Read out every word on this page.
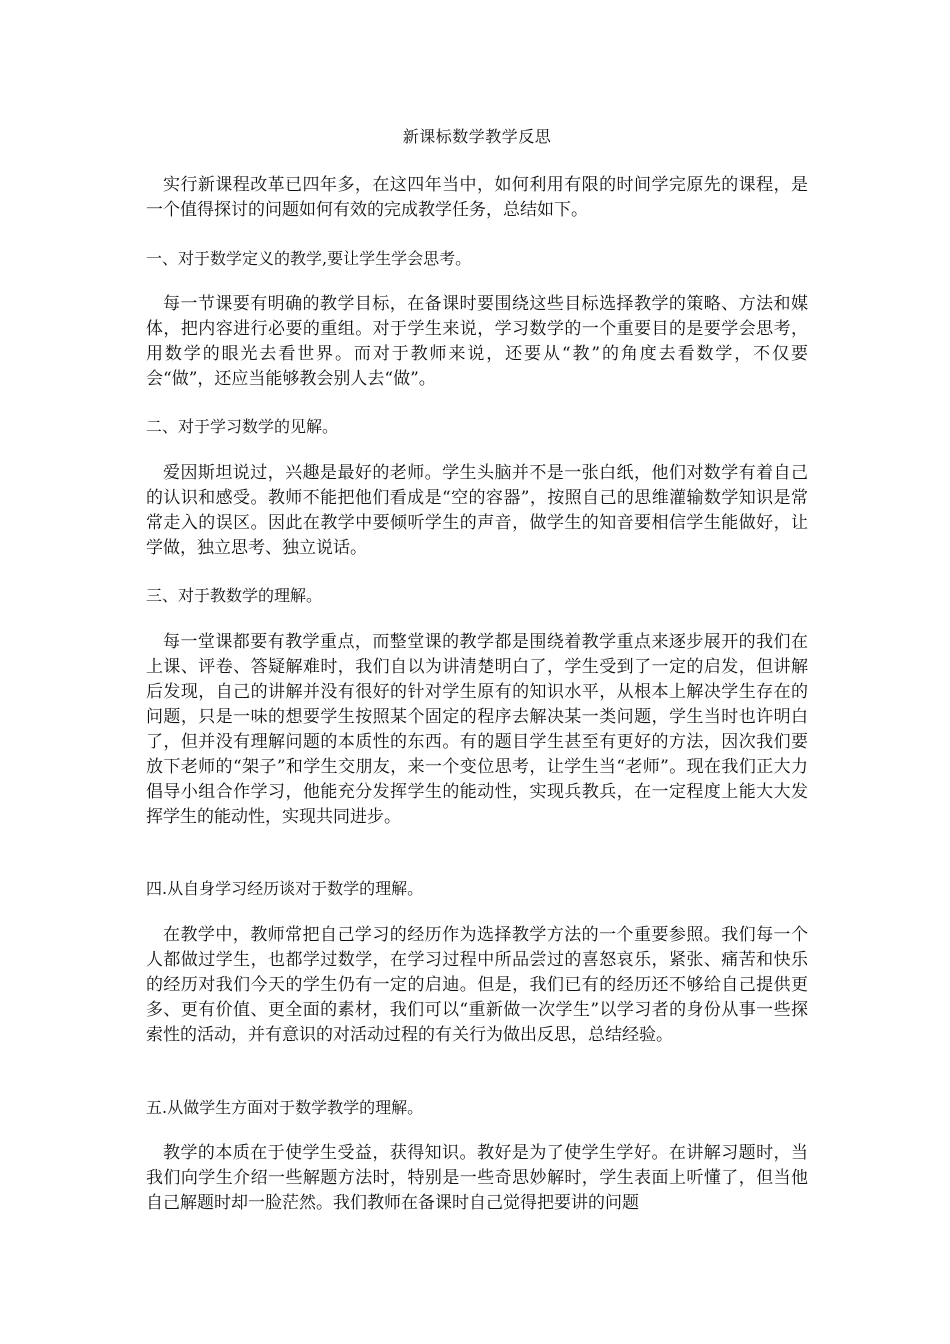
新课标数学教学反思
实行新课程改革已四年多，在这四年当中，如何利用有限的时间学完原先的课程，是一个值得探讨的问题如何有效的完成教学任务，总结如下。
一、对于数学定义的教学,要让学生学会思考。
每一节课要有明确的教学目标，在备课时要围绕这些目标选择教学的策略、方法和媒体，把内容进行必要的重组。对于学生来说，学习数学的一个重要目的是要学会思考，用数学的眼光去看世界。而对于教师来说，还要从“教”的角度去看数学，不仅要会“做”，还应当能够教会别人去“做”。
二、对于学习数学的见解。
爱因斯坦说过，兴趣是最好的老师。学生头脑并不是一张白纸，他们对数学有着自己的认识和感受。教师不能把他们看成是“空的容器”，按照自己的思维灌输数学知识是常常走入的误区。因此在教学中要倾听学生的声音，做学生的知音要相信学生能做好，让学做，独立思考、独立说话。
三、对于教数学的理解。
每一堂课都要有教学重点，而整堂课的教学都是围绕着教学重点来逐步展开的我们在上课、评卷、答疑解难时，我们自以为讲清楚明白了，学生受到了一定的启发，但讲解后发现，自己的讲解并没有很好的针对学生原有的知识水平，从根本上解决学生存在的问题，只是一味的想要学生按照某个固定的程序去解决某一类问题，学生当时也许明白了，但并没有理解问题的本质性的东西。有的题目学生甚至有更好的方法，因次我们要放下老师的“架子”和学生交朋友，来一个变位思考，让学生当“老师”。现在我们正大力倡导小组合作学习，他能充分发挥学生的能动性，实现兵教兵，在一定程度上能大大发挥学生的能动性，实现共同进步。
四.从自身学习经历谈对于数学的理解。
在教学中，教师常把自己学习的经历作为选择教学方法的一个重要参照。我们每一个人都做过学生，也都学过数学，在学习过程中所品尝过的喜怒哀乐，紧张、痛苦和快乐的经历对我们今天的学生仍有一定的启迪。但是，我们已有的经历还不够给自己提供更多、更有价值、更全面的素材，我们可以“重新做一次学生”以学习者的身份从事一些探索性的活动，并有意识的对活动过程的有关行为做出反思，总结经验。
五.从做学生方面对于数学教学的理解。
教学的本质在于使学生受益，获得知识。教好是为了使学生学好。在讲解习题时，当我们向学生介绍一些解题方法时，特别是一些奇思妙解时，学生表面上听懂了，但当他自己解题时却一脸茫然。我们教师在备课时自己觉得把要讲的问题
